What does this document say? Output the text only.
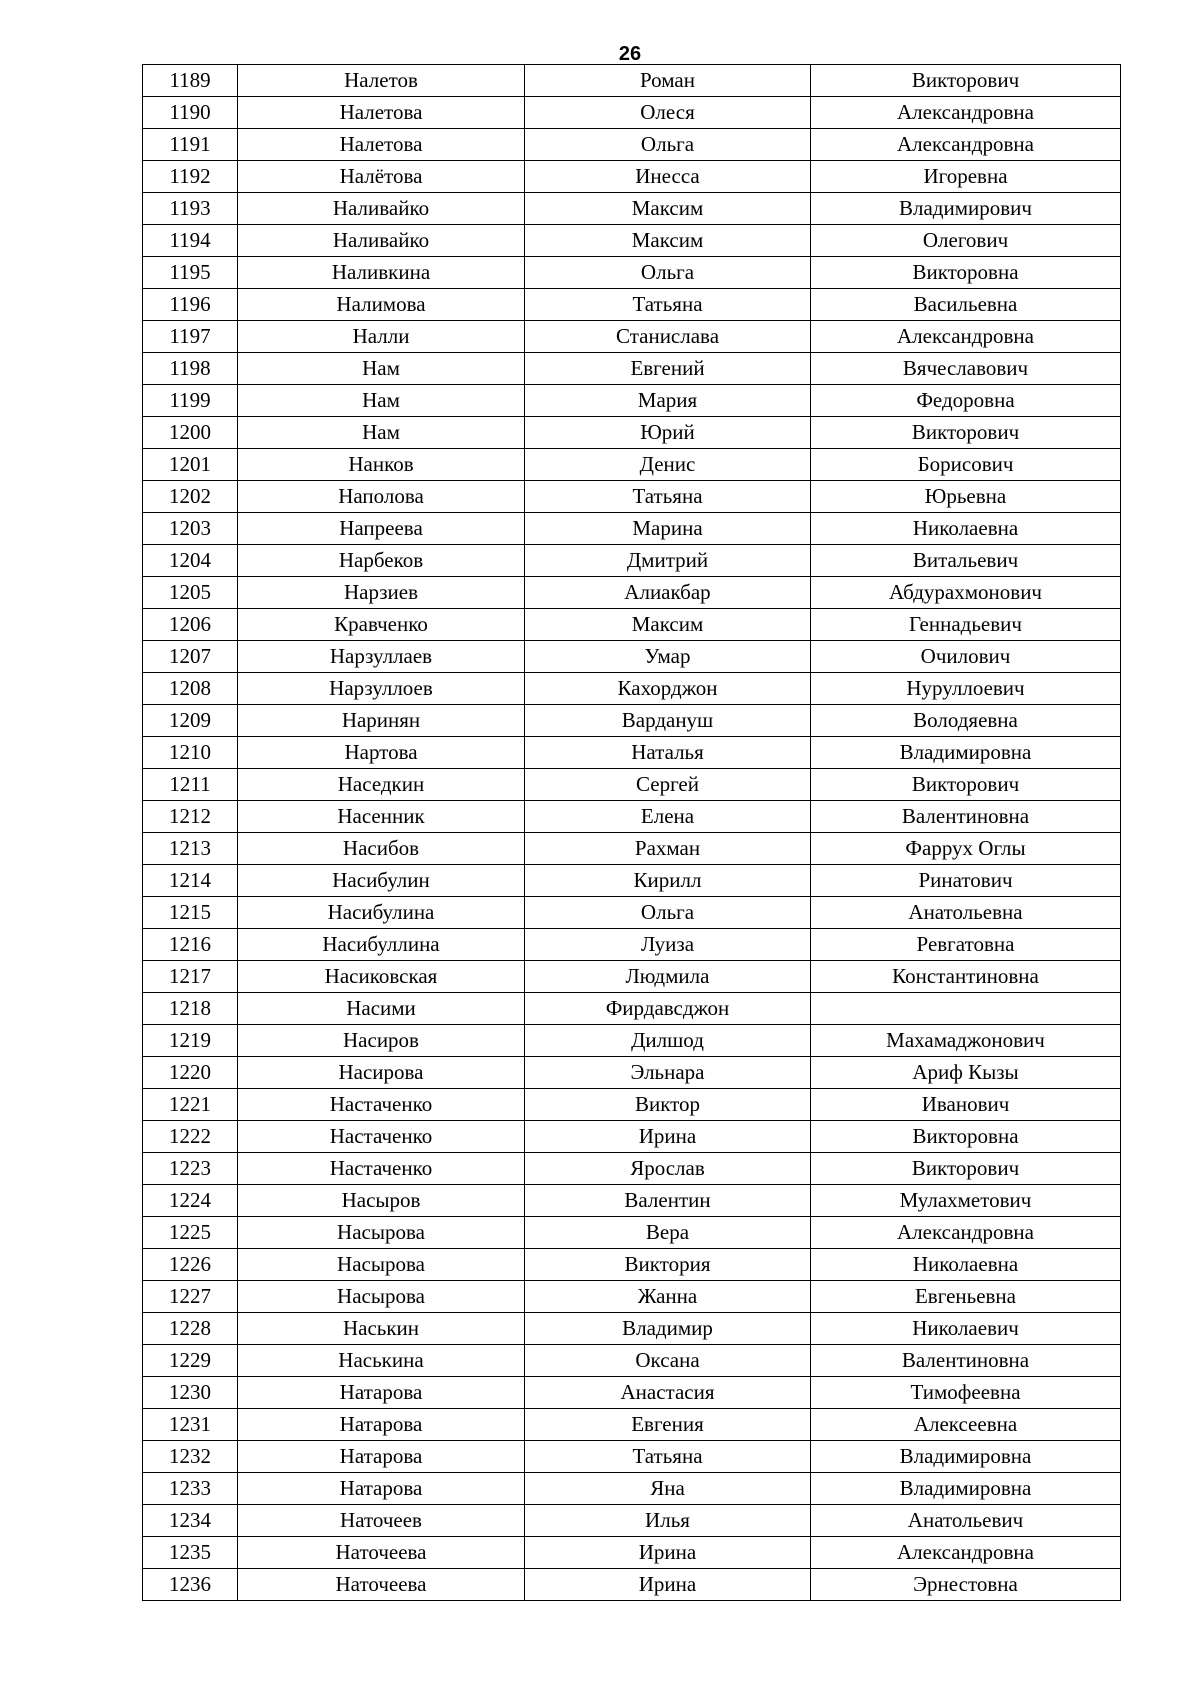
26
1189	Налетов	Роман	Викторович
1190	Налетова	Олеся	Александровна
1191	Налетова	Ольга	Александровна
1192	Налётова	Инесса	Игоревна
1193	Наливайко	Максим	Владимирович
1194	Наливайко	Максим	Олегович
1195	Наливкина	Ольга	Викторовна
1196	Налимова	Татьяна	Васильевна
1197	Налли	Станислава	Александровна
1198	Нам	Евгений	Вячеславович
1199	Нам	Мария	Федоровна
1200	Нам	Юрий	Викторович
1201	Нанков	Денис	Борисович
1202	Наполова	Татьяна	Юрьевна
1203	Напреева	Марина	Николаевна
1204	Нарбеков	Дмитрий	Витальевич
1205	Нарзиев	Алиакбар	Абдурахмонович
1206	Кравченко	Максим	Геннадьевич
1207	Нарзуллаев	Умар	Очилович
1208	Нарзуллоев	Кахорджон	Нуруллоевич
1209	Наринян	Вардануш	Володяевна
1210	Нартова	Наталья	Владимировна
1211	Наседкин	Сергей	Викторович
1212	Насенник	Елена	Валентиновна
1213	Насибов	Рахман	Фаррух Оглы
1214	Насибулин	Кирилл	Ринатович
1215	Насибулина	Ольга	Анатольевна
1216	Насибуллина	Луиза	Ревгатовна
1217	Насиковская	Людмила	Константиновна
1218	Насими	Фирдавсджон	
1219	Насиров	Дилшод	Махамаджонович
1220	Насирова	Эльнара	Ариф Кызы
1221	Настаченко	Виктор	Иванович
1222	Настаченко	Ирина	Викторовна
1223	Настаченко	Ярослав	Викторович
1224	Насыров	Валентин	Мулахметович
1225	Насырова	Вера	Александровна
1226	Насырова	Виктория	Николаевна
1227	Насырова	Жанна	Евгеньевна
1228	Наськин	Владимир	Николаевич
1229	Наськина	Оксана	Валентиновна
1230	Натарова	Анастасия	Тимофеевна
1231	Натарова	Евгения	Алексеевна
1232	Натарова	Татьяна	Владимировна
1233	Натарова	Яна	Владимировна
1234	Наточеев	Илья	Анатольевич
1235	Наточеева	Ирина	Александровна
1236	Наточеева	Ирина	Эрнестовна
